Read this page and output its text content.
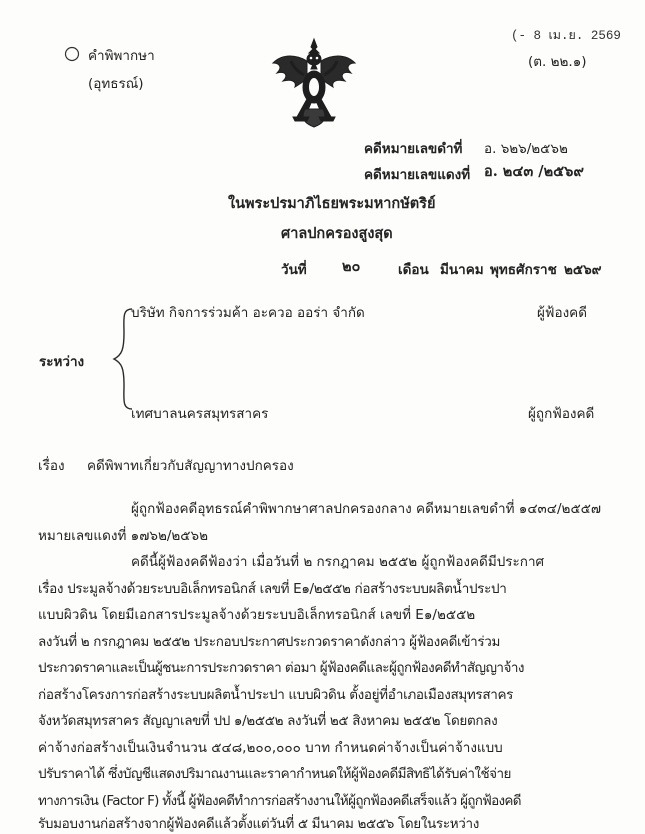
คำพิพากษา
(อุทธรณ์)
(- 8 เม.ย. 2569
(ต. ๒๒.๑)
คดีหมายเลขดำที่ อ. ๖๒๖/๒๕๖๒
คดีหมายเลขแดงที่ อ. ๒๔๓ /๒๕๖๙
ในพระปรมาภิไธยพระมหากษัตริย์
ศาลปกครองสูงสุด
วันที่ ๒๐	เดือน มีนาคม พุทธศักราช ๒๕๖๙
บริษัท กิจการร่วมค้า อะควอ ออร่า จำกัด	ผู้ฟ้องคดี
ระหว่าง
เทศบาลนครสมุทรสาคร	ผู้ถูกฟ้องคดี
เรื่อง คดีพิพาทเกี่ยวกับสัญญาทางปกครอง
ผู้ถูกฟ้องคดีอุทธรณ์คำพิพากษาศาลปกครองกลาง คดีหมายเลขดำที่ ๑๔๓๔/๒๕๕๗
หมายเลขแดงที่ ๑๗๖๒/๒๕๖๒
คดีนี้ผู้ฟ้องคดีฟ้องว่า เมื่อวันที่ ๒ กรกฎาคม ๒๕๕๒ ผู้ถูกฟ้องคดีมีประกาศ
เรื่อง ประมูลจ้างด้วยระบบอิเล็กทรอนิกส์ เลขที่ E๑/๒๕๕๒ ก่อสร้างระบบผลิตน้ำประปา
แบบผิวดิน โดยมีเอกสารประมูลจ้างด้วยระบบอิเล็กทรอนิกส์ เลขที่ E๑/๒๕๕๒
ลงวันที่ ๒ กรกฎาคม ๒๕๕๒ ประกอบประกาศประกวดราคาดังกล่าว ผู้ฟ้องคดีเข้าร่วม
ประกวดราคาและเป็นผู้ชนะการประกวดราคา ต่อมา ผู้ฟ้องคดีและผู้ถูกฟ้องคดีทำสัญญาจ้าง
ก่อสร้างโครงการก่อสร้างระบบผลิตน้ำประปา แบบผิวดิน ตั้งอยู่ที่อำเภอเมืองสมุทรสาคร
จังหวัดสมุทรสาคร สัญญาเลขที่ ปป ๑/๒๕๕๒ ลงวันที่ ๒๕ สิงหาคม ๒๕๕๒ โดยตกลง
ค่าจ้างก่อสร้างเป็นเงินจำนวน ๕๔๘,๒๐๐,๐๐๐ บาท กำหนดค่าจ้างเป็นค่าจ้างแบบ
ปรับราคาได้ ซึ่งบัญชีแสดงปริมาณงานและราคากำหนดให้ผู้ฟ้องคดีมีสิทธิได้รับค่าใช้จ่าย
ทางการเงิน (Factor F) ทั้งนี้ ผู้ฟ้องคดีทำการก่อสร้างงานให้ผู้ถูกฟ้องคดีเสร็จแล้ว ผู้ถูกฟ้องคดี
รับมอบงานก่อสร้างจากผู้ฟ้องคดีแล้วตั้งแต่วันที่ ๕ มีนาคม ๒๕๕๖ โดยในระหว่าง
